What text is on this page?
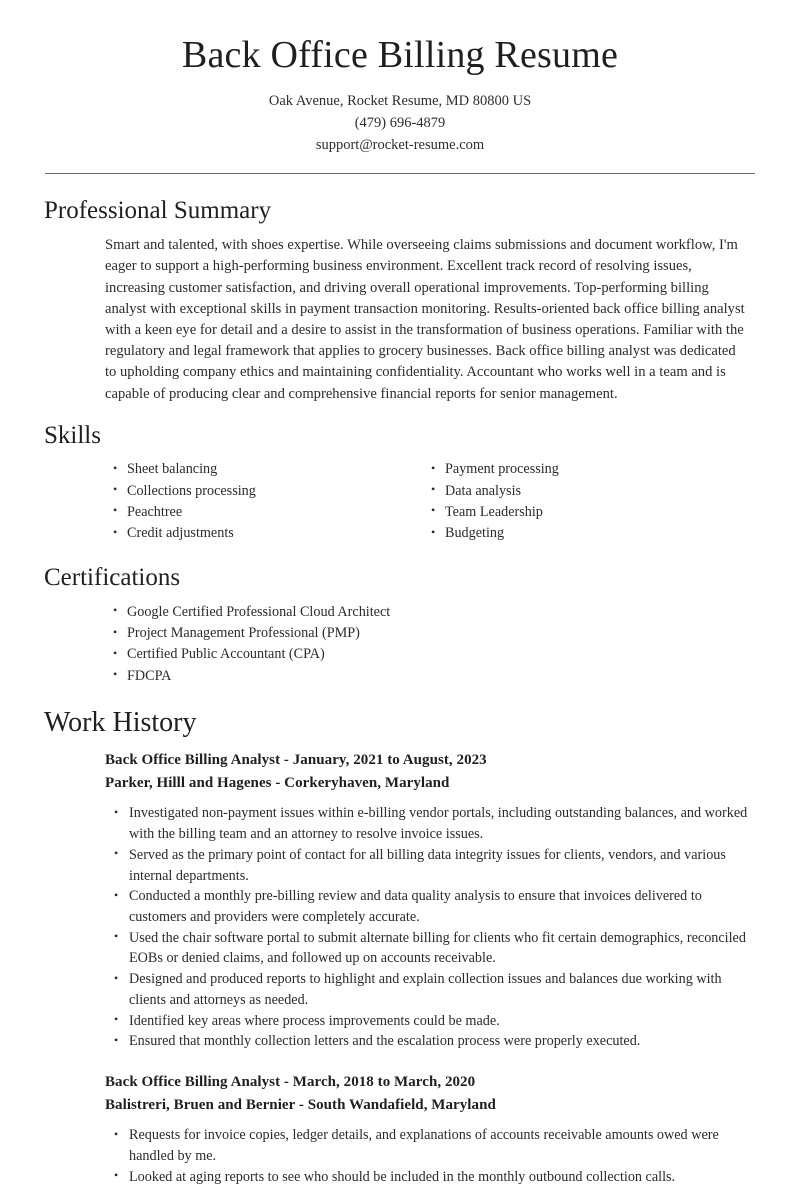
Back Office Billing Resume
Oak Avenue, Rocket Resume, MD 80800 US
(479) 696-4879
support@rocket-resume.com
Professional Summary

Smart and talented, with shoes expertise. While overseeing claims submissions and document workflow, I'm eager to support a high-performing business environment. Excellent track record of resolving issues, increasing customer satisfaction, and driving overall operational improvements. Top-performing billing analyst with exceptional skills in payment transaction monitoring. Results-oriented back office billing analyst with a keen eye for detail and a desire to assist in the transformation of business operations. Familiar with the regulatory and legal framework that applies to grocery businesses. Back office billing analyst was dedicated to upholding company ethics and maintaining confidentiality. Accountant who works well in a team and is capable of producing clear and comprehensive financial reports for senior management.

Skills
• Sheet balancing
• Collections processing
• Peachtree
• Credit adjustments
• Payment processing
• Data analysis
• Team Leadership
• Budgeting
Certifications
• Google Certified Professional Cloud Architect
• Project Management Professional (PMP)
• Certified Public Accountant (CPA)
• FDCPA
Work History
Back Office Billing Analyst - January, 2021 to August, 2023
Parker, Hilll and Hagenes - Corkeryhaven, Maryland
• Investigated non-payment issues within e-billing vendor portals, including outstanding balances, and worked with the billing team and an attorney to resolve invoice issues.
• Served as the primary point of contact for all billing data integrity issues for clients, vendors, and various internal departments.
• Conducted a monthly pre-billing review and data quality analysis to ensure that invoices delivered to customers and providers were completely accurate.
• Used the chair software portal to submit alternate billing for clients who fit certain demographics, reconciled EOBs or denied claims, and followed up on accounts receivable.
• Designed and produced reports to highlight and explain collection issues and balances due working with clients and attorneys as needed.
• Identified key areas where process improvements could be made.
• Ensured that monthly collection letters and the escalation process were properly executed.
Back Office Billing Analyst - March, 2018 to March, 2020
Balistreri, Bruen and Bernier - South Wandafield, Maryland
• Requests for invoice copies, ledger details, and explanations of accounts receivable amounts owed were handled by me.
• Looked at aging reports to see who should be included in the monthly outbound collection calls.
